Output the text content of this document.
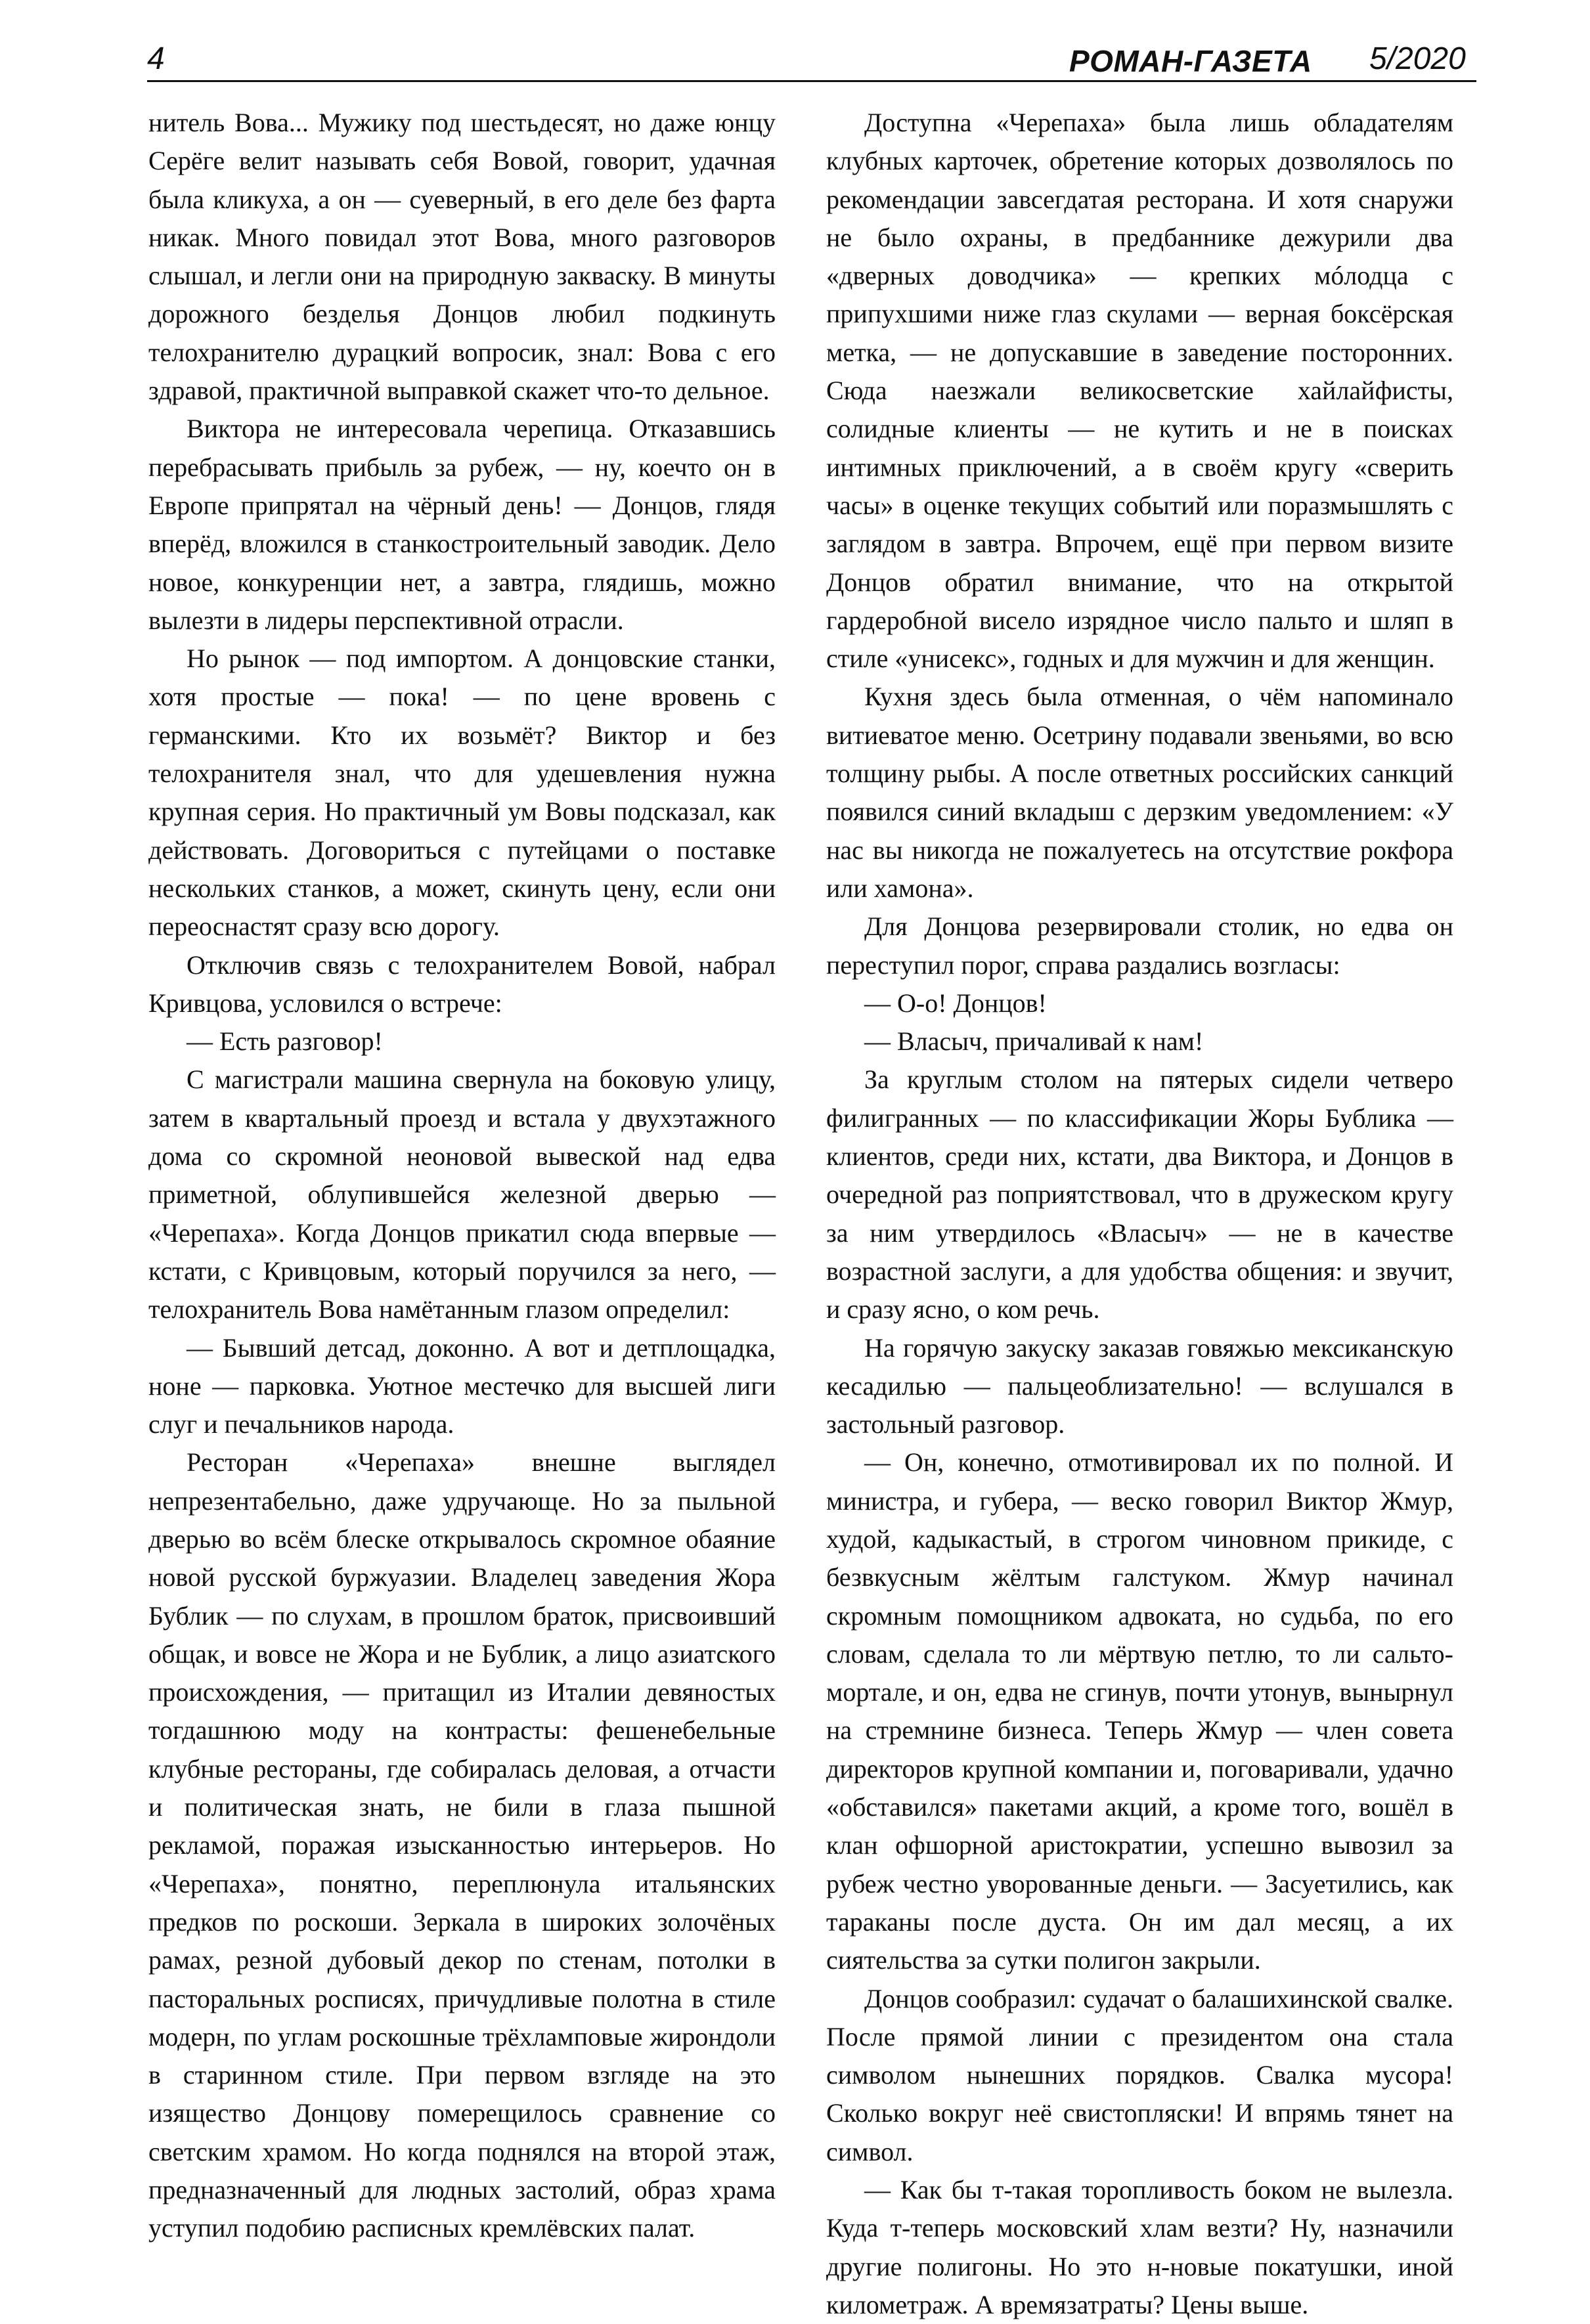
4	РОМАН-ГАЗЕТА 5/2020

нитель Вова... Мужику под шестьдесят, но даже юнцу Серёге велит называть себя Вовой, говорит, удачная была кликуха, а он — суеверный, в его деле без фарта никак. Много повидал этот Вова, много разговоров слышал, и легли они на природную закваску. В минуты дорожного безделья Донцов любил подкинуть телохранителю дурацкий вопросик, знал: Вова с его здравой, практичной выправкой скажет что-то дельное.

Виктора не интересовала черепица. Отказавшись перебрасывать прибыль за рубеж, — ну, коечто он в Европе припрятал на чёрный день! — Донцов, глядя вперёд, вложился в станкостроительный заводик. Дело новое, конкуренции нет, а завтра, глядишь, можно вылезти в лидеры перспективной отрасли.

Но рынок — под импортом. А донцовские станки, хотя простые — пока! — по цене вровень с германскими. Кто их возьмёт? Виктор и без телохранителя знал, что для удешевления нужна крупная серия. Но практичный ум Вовы подсказал, как действовать. Договориться с путейцами о поставке нескольких станков, а может, скинуть цену, если они переоснастят сразу всю дорогу.

Отключив связь с телохранителем Вовой, набрал Кривцова, условился о встрече:

— Есть разговор!

С магистрали машина свернула на боковую улицу, затем в квартальный проезд и встала у двухэтажного дома со скромной неоновой вывеской над едва приметной, облупившейся железной дверью — «Черепаха». Когда Донцов прикатил сюда впервые — кстати, с Кривцовым, который поручился за него, — телохранитель Вова намётанным глазом определил:

— Бывший детсад, доконно. А вот и детплощадка, ноне — парковка. Уютное местечко для высшей лиги слуг и печальников народа.

Ресторан «Черепаха» внешне выглядел непрезентабельно, даже удручающе. Но за пыльной дверью во всём блеске открывалось скромное обаяние новой русской буржуазии. Владелец заведения Жора Бублик — по слухам, в прошлом браток, присвоивший общак, и вовсе не Жора и не Бублик, а лицо азиатского происхождения, — притащил из Италии девяностых тогдашнюю моду на контрасты: фешенебельные клубные рестораны, где собиралась деловая, а отчасти и политическая знать, не били в глаза пышной рекламой, поражая изысканностью интерьеров. Но «Черепаха», понятно, переплюнула итальянских предков по роскоши. Зеркала в широких золочёных рамах, резной дубовый декор по стенам, потолки в пасторальных росписях, причудливые полотна в стиле модерн, по углам роскошные трёхламповые жирондоли в старинном стиле. При первом взгляде на это изящество Донцову померещилось сравнение со светским храмом. Но когда поднялся на второй этаж, предназначенный для людных застолий, образ храма уступил подобию расписных кремлёвских палат.

Доступна «Черепаха» была лишь обладателям клубных карточек, обретение которых дозволялось по рекомендации завсегдатая ресторана. И хотя снаружи не было охраны, в предбаннике дежурили два «дверных доводчика» — крепких мóлодца с припухшими ниже глаз скулами — верная боксёрская метка, — не допускавшие в заведение посторонних. Сюда наезжали великосветские хайлайфисты, солидные клиенты — не кутить и не в поисках интимных приключений, а в своём кругу «сверить часы» в оценке текущих событий или поразмышлять с заглядом в завтра. Впрочем, ещё при первом визите Донцов обратил внимание, что на открытой гардеробной висело изрядное число пальто и шляп в стиле «унисекс», годных и для мужчин и для женщин.

Кухня здесь была отменная, о чём напоминало витиеватое меню. Осетрину подавали звеньями, во всю толщину рыбы. А после ответных российских санкций появился синий вкладыш с дерзким уведомлением: «У нас вы никогда не пожалуетесь на отсутствие рокфора или хамона».

Для Донцова резервировали столик, но едва он переступил порог, справа раздались возгласы:

— О-о! Донцов!

— Власыч, причаливай к нам!

За круглым столом на пятерых сидели четверо филигранных — по классификации Жоры Бублика — клиентов, среди них, кстати, два Виктора, и Донцов в очередной раз поприятствовал, что в дружеском кругу за ним утвердилось «Власыч» — не в качестве возрастной заслуги, а для удобства общения: и звучит, и сразу ясно, о ком речь.

На горячую закуску заказав говяжью мексиканскую кесадилью — пальцеоблизательно! — вслушался в застольный разговор.

— Он, конечно, отмотивировал их по полной. И министра, и губера, — веско говорил Виктор Жмур, худой, кадыкастый, в строгом чиновном прикиде, с безвкусным жёлтым галстуком. Жмур начинал скромным помощником адвоката, но судьба, по его словам, сделала то ли мёртвую петлю, то ли сальто-мортале, и он, едва не сгинув, почти утонув, вынырнул на стремнине бизнеса. Теперь Жмур — член совета директоров крупной компании и, поговаривали, удачно «обставился» пакетами акций, а кроме того, вошёл в клан офшорной аристократии, успешно вывозил за рубеж честно уворованные деньги. — Засуетились, как тараканы после дуста. Он им дал месяц, а их сиятельства за сутки полигон закрыли.

Донцов сообразил: судачат о балашихинской свалке. После прямой линии с президентом она стала символом нынешних порядков. Свалка мусора! Сколько вокруг неё свистопляски! И впрямь тянет на символ.

— Как бы т-такая торопливость боком не вылезла. Куда т-теперь московский хлам везти? Ну, назначили другие полигоны. Но это н-новые покатушки, иной километраж. А времязатраты? Цены выше.
